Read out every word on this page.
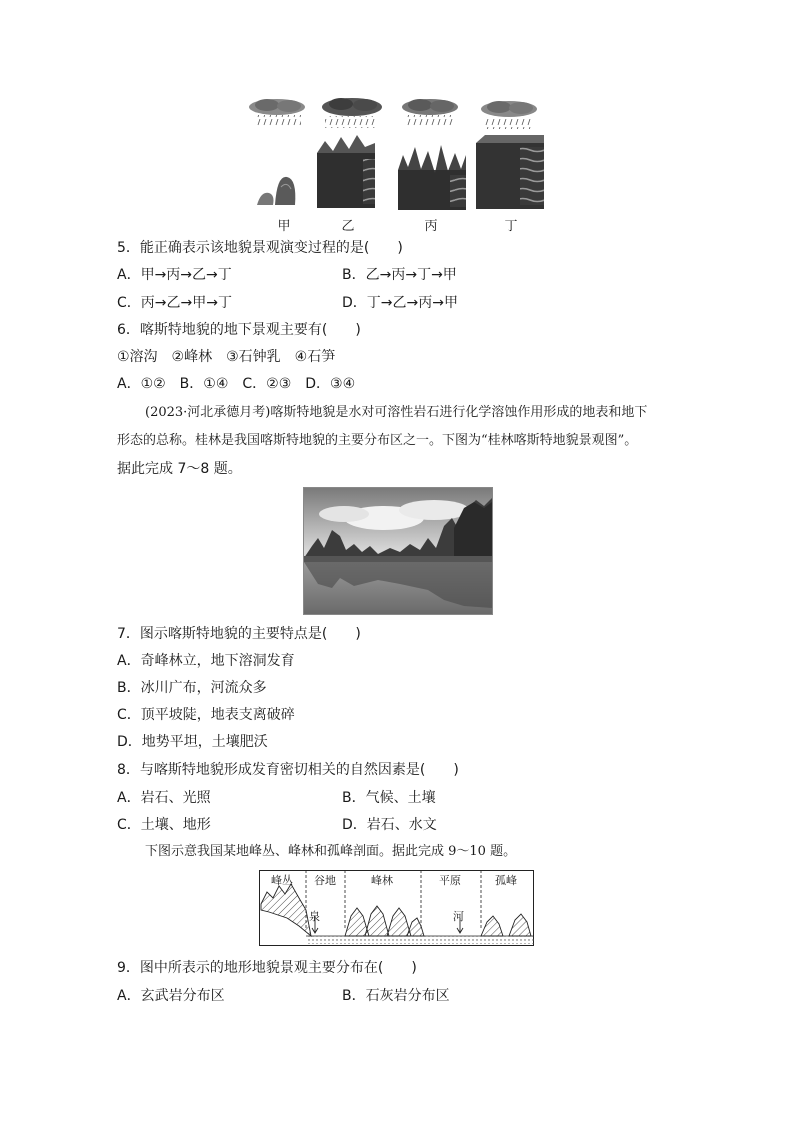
甲	乙	丙	丁
5．能正确表示该地貌景观演变过程的是(　　)
A．甲→丙→乙→丁	B．乙→丙→丁→甲
C．丙→乙→甲→丁	D．丁→乙→丙→甲
6．喀斯特地貌的地下景观主要有(　　)
①溶沟　②峰林　③石钟乳　④石笋
A．①②　B．①④　C．②③　D．③④
(2023·河北承德月考)喀斯特地貌是水对可溶性岩石进行化学溶蚀作用形成的地表和地下
形态的总称。桂林是我国喀斯特地貌的主要分布区之一。下图为“桂林喀斯特地貌景观图”。
据此完成 7～8 题。
7．图示喀斯特地貌的主要特点是(　　)
A．奇峰林立，地下溶洞发育
B．冰川广布，河流众多
C．顶平坡陡，地表支离破碎
D．地势平坦，土壤肥沃
8．与喀斯特地貌形成发育密切相关的自然因素是(　　)
A．岩石、光照	B．气候、土壤
C．土壤、地形	D．岩石、水文
下图示意我国某地峰丛、峰林和孤峰剖面。据此完成 9～10 题。
峰丛 谷地	峰林	平原	孤峰
泉	河
9．图中所表示的地形地貌景观主要分布在(　　)
A．玄武岩分布区	B．石灰岩分布区
